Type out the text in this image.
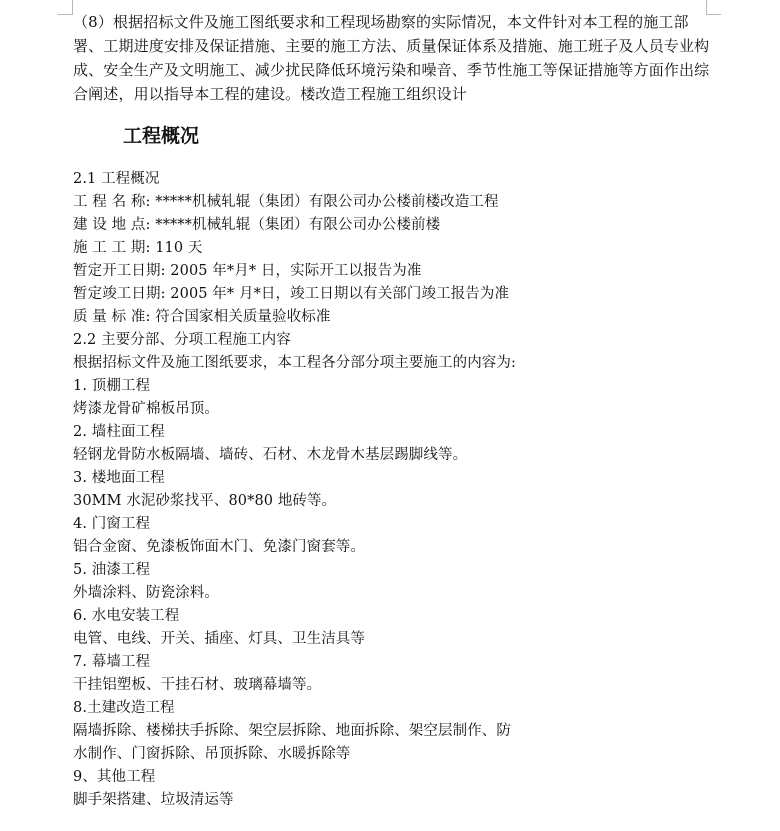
（8）根据招标文件及施工图纸要求和工程现场勘察的实际情况，本文件针对本工程的施工部署、工期进度安排及保证措施、主要的施工方法、质量保证体系及措施、施工班子及人员专业构成、安全生产及文明施工、减少扰民降低环境污染和噪音、季节性施工等保证措施等方面作出综合阐述，用以指导本工程的建设。楼改造工程施工组织设计

工程概况
2.1 工程概况
工 程 名 称: *****机械轧辊（集团）有限公司办公楼前楼改造工程
建 设 地 点: *****机械轧辊（集团）有限公司办公楼前楼
施 工 工 期: 110 天
暂定开工日期: 2005 年*月* 日，实际开工以报告为准
暂定竣工日期: 2005 年* 月*日，竣工日期以有关部门竣工报告为准
质 量 标 准: 符合国家相关质量验收标准
2.2 主要分部、分项工程施工内容
根据招标文件及施工图纸要求，本工程各分部分项主要施工的内容为:
1. 顶棚工程
烤漆龙骨矿棉板吊顶。
2. 墙柱面工程
轻钢龙骨防水板隔墙、墙砖、石材、木龙骨木基层踢脚线等。
3. 楼地面工程
30MM 水泥砂浆找平、80*80 地砖等。
4. 门窗工程
铝合金窗、免漆板饰面木门、免漆门窗套等。
5. 油漆工程
外墙涂料、防瓷涂料。
6. 水电安装工程
电管、电线、开关、插座、灯具、卫生洁具等
7. 幕墙工程
干挂铝塑板、干挂石材、玻璃幕墙等。
8.土建改造工程
隔墙拆除、楼梯扶手拆除、架空层拆除、地面拆除、架空层制作、防
水制作、门窗拆除、吊顶拆除、水暖拆除等
9、其他工程
脚手架搭建、垃圾清运等
